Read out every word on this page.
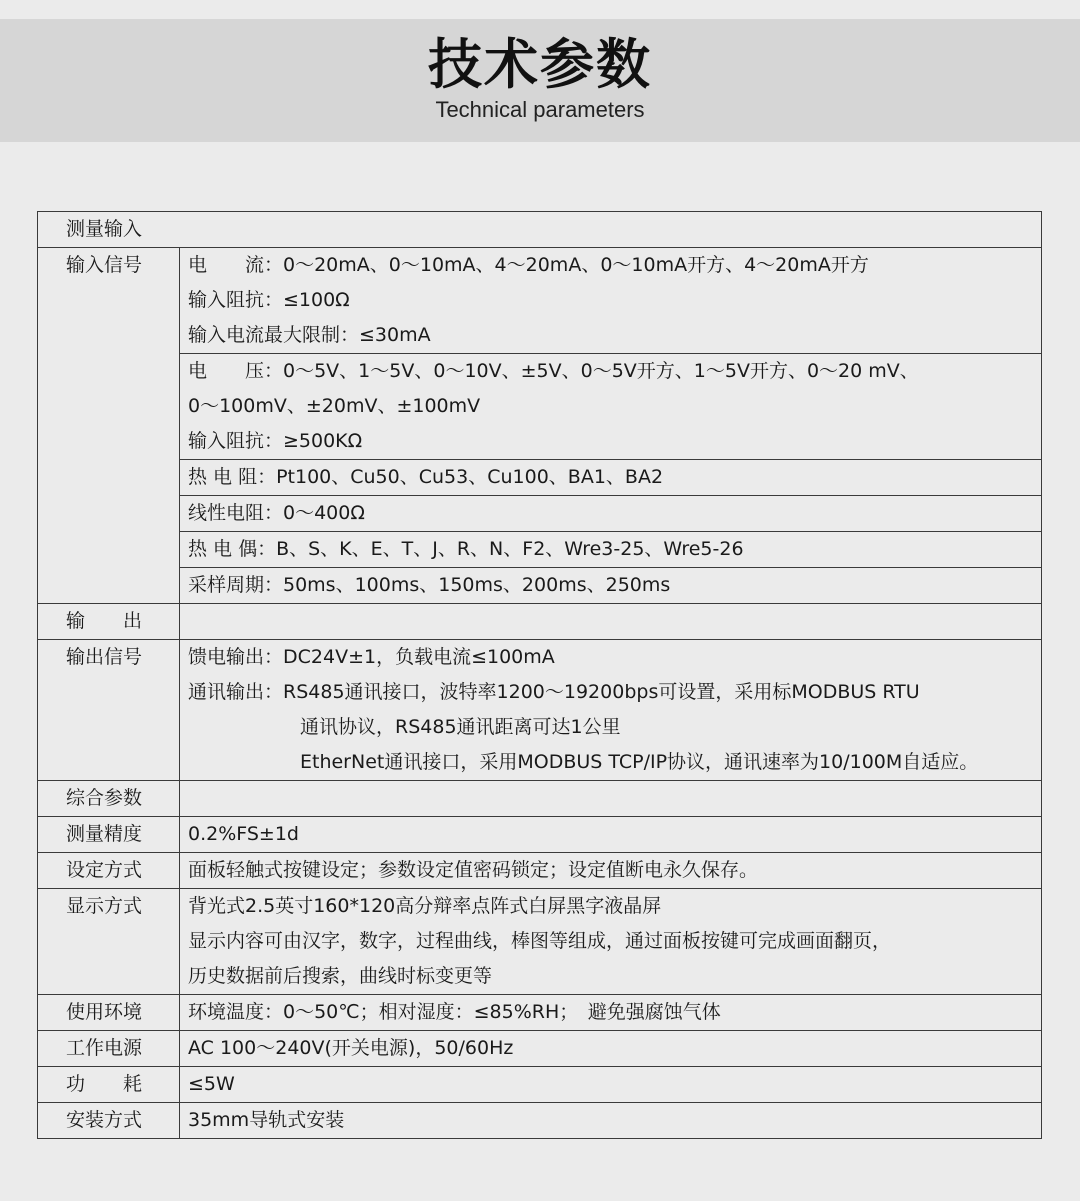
技术参数
Technical parameters
测量输入	
输入信号	电　　流：0～20mA、0～10mA、4～20mA、0～10mA开方、4～20mA开方
输入阻抗：≤100Ω
输入电流最大限制：≤30mA

	电　　压：0～5V、1～5V、0～10V、±5V、0～5V开方、1～5V开方、0～20 mV、
0～100mV、±20mV、±100mV
输入阻抗：≥500KΩ

	热 电 阻：Pt100、Cu50、Cu53、Cu100、BA1、BA2
	线性电阻：0～400Ω
	热 电 偶：B、S、K、E、T、J、R、N、F2、Wre3-25、Wre5-26
	采样周期：50ms、100ms、150ms、200ms、250ms
输　　出	
输出信号	馈电输出：DC24V±1，负载电流≤100mA
通讯输出：RS485通讯接口，波特率1200～19200bps可设置，采用标MODBUS RTU
通讯协议，RS485通讯距离可达1公里
EtherNet通讯接口，采用MODBUS TCP/IP协议，通讯速率为10/100M自适应。

综合参数	
测量精度	0.2%FS±1d
设定方式	面板轻触式按键设定；参数设定值密码锁定；设定值断电永久保存。
显示方式	背光式2.5英寸160*120高分辩率点阵式白屏黑字液晶屏
显示内容可由汉字，数字，过程曲线，棒图等组成，通过面板按键可完成画面翻页，
历史数据前后搜索，曲线时标变更等

使用环境	环境温度：0～50℃；相对湿度：≤85%RH；　避免强腐蚀气体
工作电源	AC 100～240V(开关电源)，50/60Hz
功　　耗	≤5W
安装方式	35mm导轨式安装
